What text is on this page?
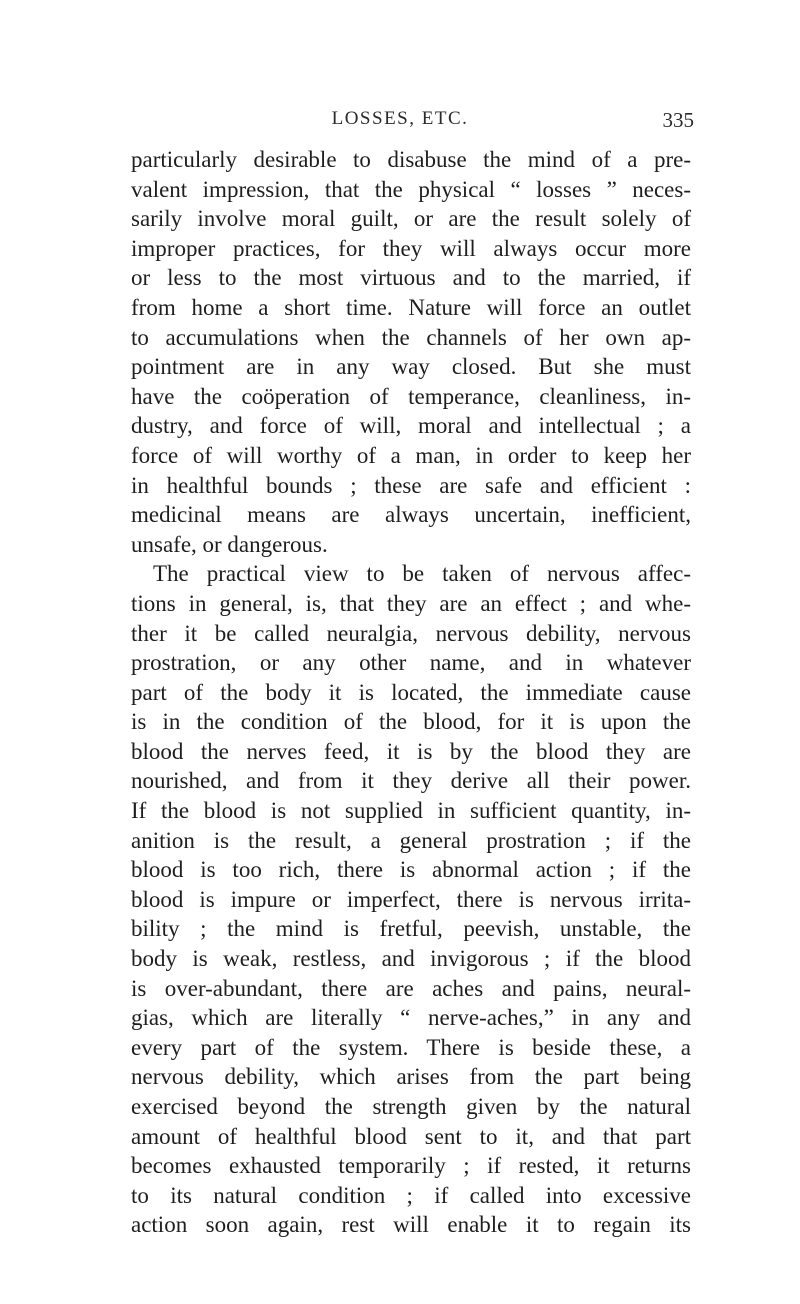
LOSSES, ETC.	335
particularly desirable to disabuse the mind of a pre-
valent impression, that the physical “ losses ” neces-
sarily involve moral guilt, or are the result solely of
improper practices, for they will always occur more
or less to the most virtuous and to the married, if
from home a short time. Nature will force an outlet
to accumulations when the channels of her own ap-
pointment are in any way closed. But she must
have the coöperation of temperance, cleanliness, in-
dustry, and force of will, moral and intellectual ; a
force of will worthy of a man, in order to keep her
in healthful bounds ; these are safe and efficient :
medicinal means are always uncertain, inefficient,
unsafe, or dangerous.
The practical view to be taken of nervous affec-
tions in general, is, that they are an effect ; and whe-
ther it be called neuralgia, nervous debility, nervous
prostration, or any other name, and in whatever
part of the body it is located, the immediate cause
is in the condition of the blood, for it is upon the
blood the nerves feed, it is by the blood they are
nourished, and from it they derive all their power.
If the blood is not supplied in sufficient quantity, in-
anition is the result, a general prostration ; if the
blood is too rich, there is abnormal action ; if the
blood is impure or imperfect, there is nervous irrita-
bility ; the mind is fretful, peevish, unstable, the
body is weak, restless, and invigorous ; if the blood
is over-abundant, there are aches and pains, neural-
gias, which are literally “ nerve-aches,” in any and
every part of the system. There is beside these, a
nervous debility, which arises from the part being
exercised beyond the strength given by the natural
amount of healthful blood sent to it, and that part
becomes exhausted temporarily ; if rested, it returns
to its natural condition ; if called into excessive
action soon again, rest will enable it to regain its
